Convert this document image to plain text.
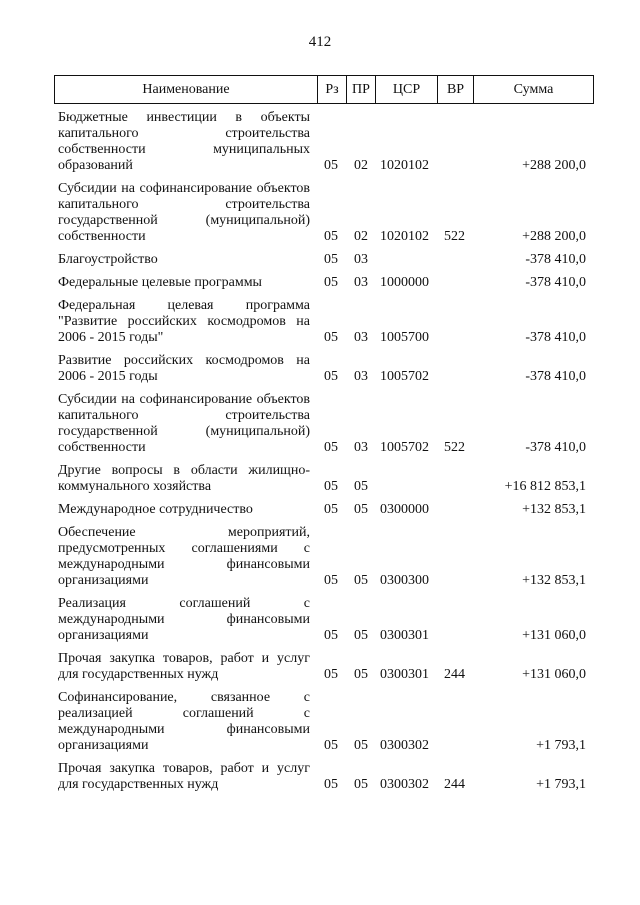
412
Наименование	Рз ПР	ЦСР	ВР	Сумма
Бюджетные инвестиции в объекты капитального строительства собственности муниципальных образований	05 02 1020102	+288 200,0
Субсидии на софинансирование объектов капитального строительства государственной (муниципальной) собственности	05 02 1020102 522	+288 200,0
Благоустройство	05 03	-378 410,0
Федеральные целевые программы	05 03 1000000	-378 410,0
Федеральная целевая программа "Развитие российских космодромов на 2006 - 2015 годы"	05 03 1005700	-378 410,0
Развитие российских космодромов на 2006 - 2015 годы	05 03 1005702	-378 410,0
Субсидии на софинансирование объектов капитального строительства государственной (муниципальной) собственности	05 03 1005702 522	-378 410,0
Другие вопросы в области жилищно-коммунального хозяйства	05 05	+16 812 853,1
Международное сотрудничество	05 05 0300000	+132 853,1
Обеспечение мероприятий, предусмотренных соглашениями с международными финансовыми организациями	05 05 0300300	+132 853,1
Реализация соглашений с международными финансовыми организациями	05 05 0300301	+131 060,0
Прочая закупка товаров, работ и услуг для государственных нужд	05 05 0300301 244	+131 060,0
Софинансирование, связанное с реализацией соглашений с международными финансовыми организациями	05 05 0300302	+1 793,1
Прочая закупка товаров, работ и услуг для государственных нужд	05 05 0300302 244	+1 793,1
